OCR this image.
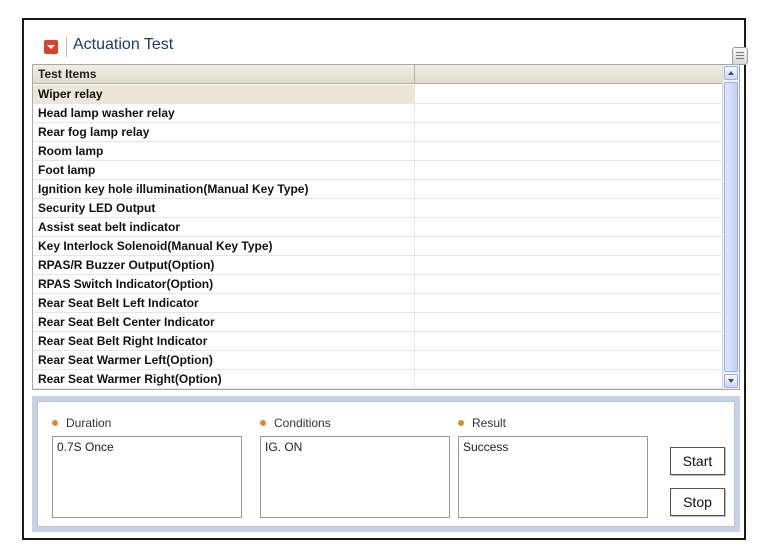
Actuation Test
Test Items
Wiper relay
Head lamp washer relay
Rear fog lamp relay
Room lamp
Foot lamp
Ignition key hole illumination(Manual Key Type)
Security LED Output
Assist seat belt indicator
Key Interlock Solenoid(Manual Key Type)
RPAS/R Buzzer Output(Option)
RPAS Switch Indicator(Option)
Rear Seat Belt Left Indicator
Rear Seat Belt Center Indicator
Rear Seat Belt Right Indicator
Rear Seat Warmer Left(Option)
Rear Seat Warmer Right(Option)
Duration
0.7S Once
Conditions
IG. ON
Result
Success
Start
Stop
